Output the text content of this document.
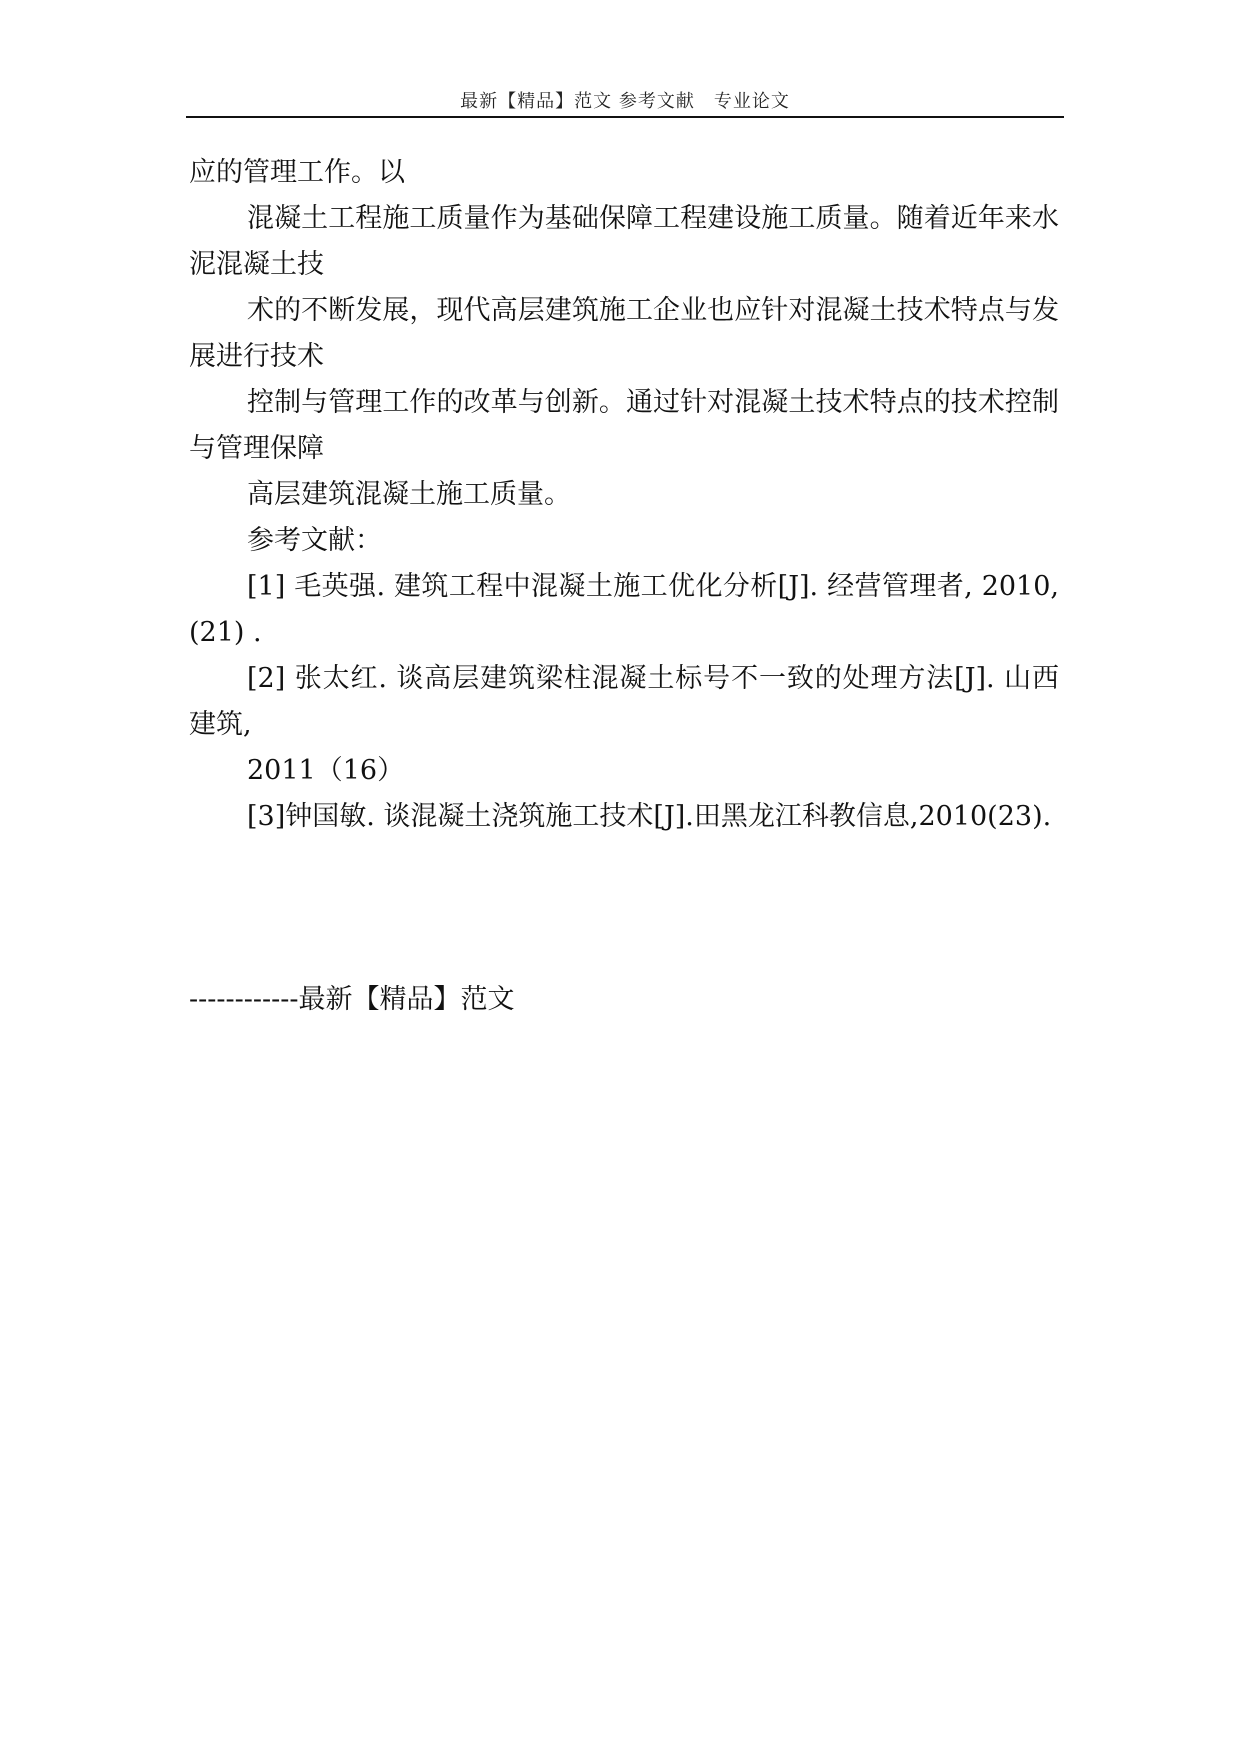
最新【精品】范文 参考文献　专业论文

应的管理工作。以

混凝土工程施工质量作为基础保障工程建设施工质量。随着近年来水泥混凝土技

术的不断发展，现代高层建筑施工企业也应针对混凝土技术特点与发展进行技术

控制与管理工作的改革与创新。通过针对混凝土技术特点的技术控制与管理保障

高层建筑混凝土施工质量。

参考文献：

[1] 毛英强. 建筑工程中混凝土施工优化分析[J]. 经营管理者, 2010,(21) .

[2] 张太红. 谈高层建筑梁柱混凝土标号不一致的处理方法[J]. 山西建筑,

2011（16）

[3]钟国敏. 谈混凝土浇筑施工技术[J].田黑龙江科教信息,2010(23).

------------最新【精品】范文
